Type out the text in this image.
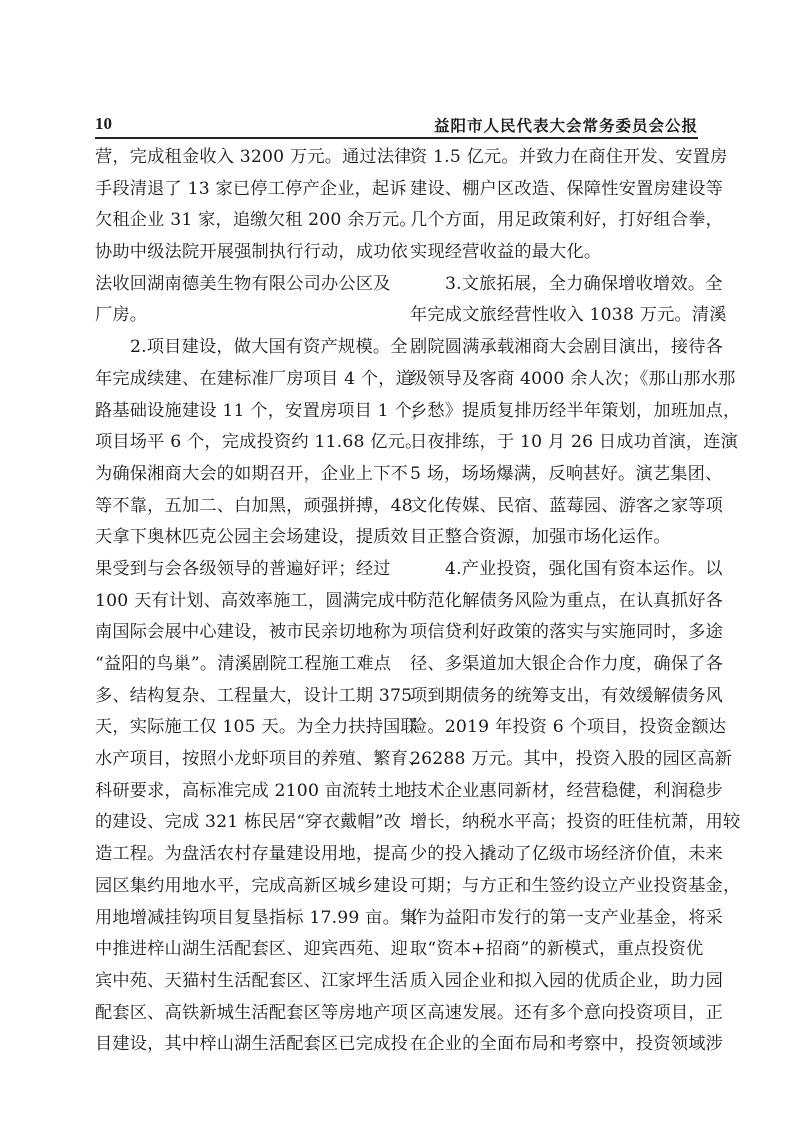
10	益阳市人民代表大会常务委员会公报
营，完成租金收入 3200 万元。通过法律
手段清退了 13 家已停工停产企业，起诉
欠租企业 31 家，追缴欠租 200 余万元。
协助中级法院开展强制执行行动，成功依
法收回湖南德美生物有限公司办公区及
厂房。
2.项目建设，做大国有资产规模。全
年完成续建、在建标准厂房项目 4 个，道
路基础设施建设 11 个，安置房项目 1 个，
项目场平 6 个，完成投资约 11.68 亿元。
为确保湘商大会的如期召开，企业上下不
等不靠，五加二、白加黑，顽强拼搏，48
天拿下奥林匹克公园主会场建设，提质效
果受到与会各级领导的普遍好评；经过
100 天有计划、高效率施工，圆满完成中
南国际会展中心建设，被市民亲切地称为
“益阳的鸟巢”。清溪剧院工程施工难点
多、结构复杂、工程量大，设计工期 375
天，实际施工仅 105 天。为全力扶持国联
水产项目，按照小龙虾项目的养殖、繁育、
科研要求，高标准完成 2100 亩流转土地
的建设、完成 321 栋民居“穿衣戴帽”改
造工程。为盘活农村存量建设用地，提高
园区集约用地水平，完成高新区城乡建设
用地增减挂钩项目复垦指标 17.99 亩。集
中推进梓山湖生活配套区、迎宾西苑、迎
宾中苑、天猫村生活配套区、江家坪生活
配套区、高铁新城生活配套区等房地产项
目建设，其中梓山湖生活配套区已完成投
资 1.5 亿元。并致力在商住开发、安置房
建设、棚户区改造、保障性安置房建设等
几个方面，用足政策利好，打好组合拳，
实现经营收益的最大化。
3.文旅拓展，全力确保增收增效。全
年完成文旅经营性收入 1038 万元。清溪
剧院圆满承载湘商大会剧目演出，接待各
级领导及客商 4000 余人次；《那山那水那
乡愁》提质复排历经半年策划，加班加点，
日夜排练，于 10 月 26 日成功首演，连演
5 场，场场爆满，反响甚好。演艺集团、
文化传媒、民宿、蓝莓园、游客之家等项
目正整合资源，加强市场化运作。
4.产业投资，强化国有资本运作。以
防范化解债务风险为重点，在认真抓好各
项信贷利好政策的落实与实施同时，多途
径、多渠道加大银企合作力度，确保了各
项到期债务的统筹支出，有效缓解债务风
险。2019 年投资 6 个项目，投资金额达
26288 万元。其中，投资入股的园区高新
技术企业惠同新材，经营稳健，利润稳步
增长，纳税水平高；投资的旺佳杭萧，用较
少的投入撬动了亿级市场经济价值，未来
可期；与方正和生签约设立产业投资基金，
作为益阳市发行的第一支产业基金，将采
取“资本+招商”的新模式，重点投资优
质入园企业和拟入园的优质企业，助力园
区高速发展。还有多个意向投资项目，正
在企业的全面布局和考察中，投资领域涉
